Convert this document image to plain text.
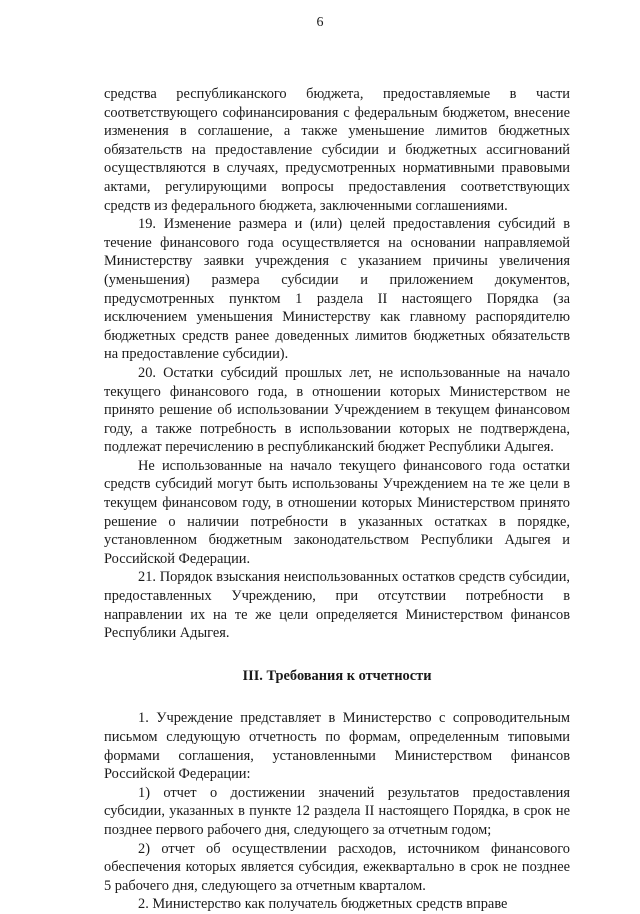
6

средства республиканского бюджета, предоставляемые в части соответствующего софинансирования с федеральным бюджетом, внесение изменения в соглашение, а также уменьшение лимитов бюджетных обязательств на предоставление субсидии и бюджетных ассигнований осуществляются в случаях, предусмотренных нормативными правовыми актами, регулирующими вопросы предоставления соответствующих средств из федерального бюджета, заключенными соглашениями.

19. Изменение размера и (или) целей предоставления субсидий в течение финансового года осуществляется на основании направляемой Министерству заявки учреждения с указанием причины увеличения (уменьшения) размера субсидии и приложением документов, предусмотренных пунктом 1 раздела II настоящего Порядка (за исключением уменьшения Министерству как главному распорядителю бюджетных средств ранее доведенных лимитов бюджетных обязательств на предоставление субсидии).

20. Остатки субсидий прошлых лет, не использованные на начало текущего финансового года, в отношении которых Министерством не принято решение об использовании Учреждением в текущем финансовом году, а также потребность в использовании которых не подтверждена, подлежат перечислению в республиканский бюджет Республики Адыгея.

Не использованные на начало текущего финансового года остатки средств субсидий могут быть использованы Учреждением на те же цели в текущем финансовом году, в отношении которых Министерством принято решение о наличии потребности в указанных остатках в порядке, установленном бюджетным законодательством Республики Адыгея и Российской Федерации.

21. Порядок взыскания неиспользованных остатков средств субсидии, предоставленных Учреждению, при отсутствии потребности в направлении их на те же цели определяется Министерством финансов Республики Адыгея.

III. Требования к отчетности

1. Учреждение представляет в Министерство с сопроводительным письмом следующую отчетность по формам, определенным типовыми формами соглашения, установленными Министерством финансов Российской Федерации:

1) отчет о достижении значений результатов предоставления субсидии, указанных в пункте 12 раздела II настоящего Порядка, в срок не позднее первого рабочего дня, следующего за отчетным годом;

2) отчет об осуществлении расходов, источником финансового обеспечения которых является субсидия, ежеквартально в срок не позднее 5 рабочего дня, следующего за отчетным кварталом.

2. Министерство как получатель бюджетных средств вправе
